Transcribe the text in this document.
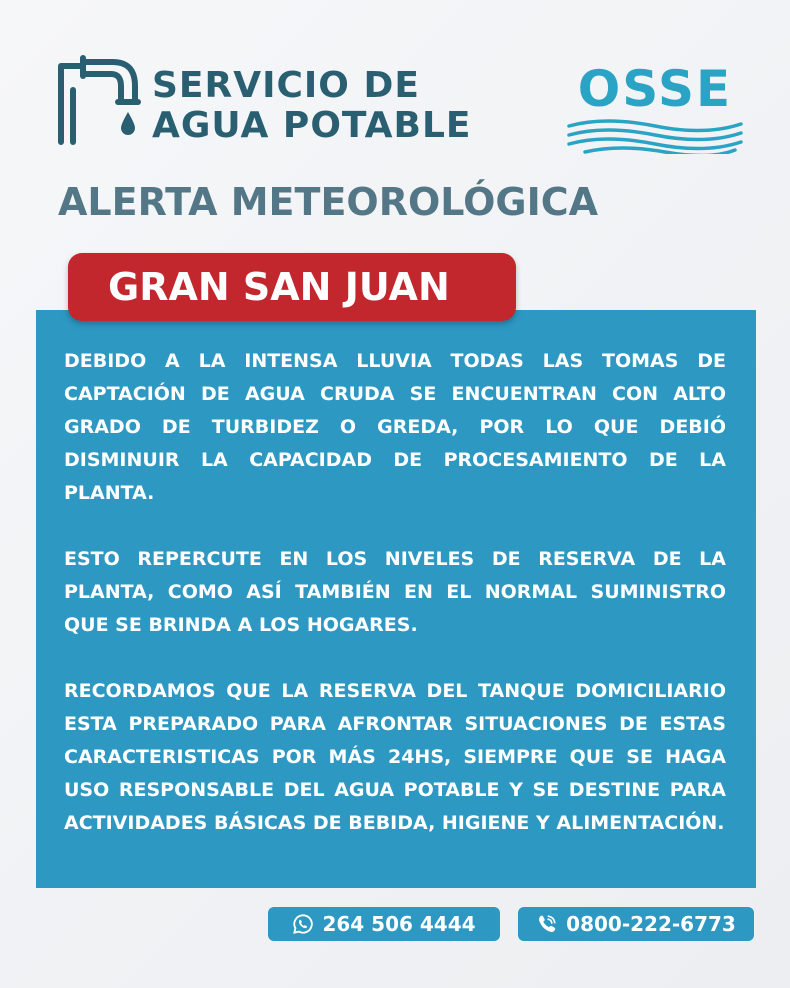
SERVICIO DE
AGUA POTABLE
OSSE
ALERTA METEOROLÓGICA
GRAN SAN JUAN

DEBIDO A LA INTENSA LLUVIA TODAS LAS TOMAS DE CAPTACIÓN DE AGUA CRUDA SE ENCUENTRAN CON ALTO GRADO DE TURBIDEZ O GREDA, POR LO QUE DEBIÓ DISMINUIR LA CAPACIDAD DE PROCESAMIENTO DE LA PLANTA.

ESTO REPERCUTE EN LOS NIVELES DE RESERVA DE LA PLANTA, COMO ASÍ TAMBIÉN EN EL NORMAL SUMINISTRO QUE SE BRINDA A LOS HOGARES.

RECORDAMOS QUE LA RESERVA DEL TANQUE DOMICILIARIO ESTA PREPARADO PARA AFRONTAR SITUACIONES DE ESTAS CARACTERISTICAS POR MÁS 24HS, SIEMPRE QUE SE HAGA USO RESPONSABLE DEL AGUA POTABLE Y SE DESTINE PARA ACTIVIDADES BÁSICAS DE BEBIDA, HIGIENE Y ALIMENTACIÓN.

264 506 4444	0800-222-6773
